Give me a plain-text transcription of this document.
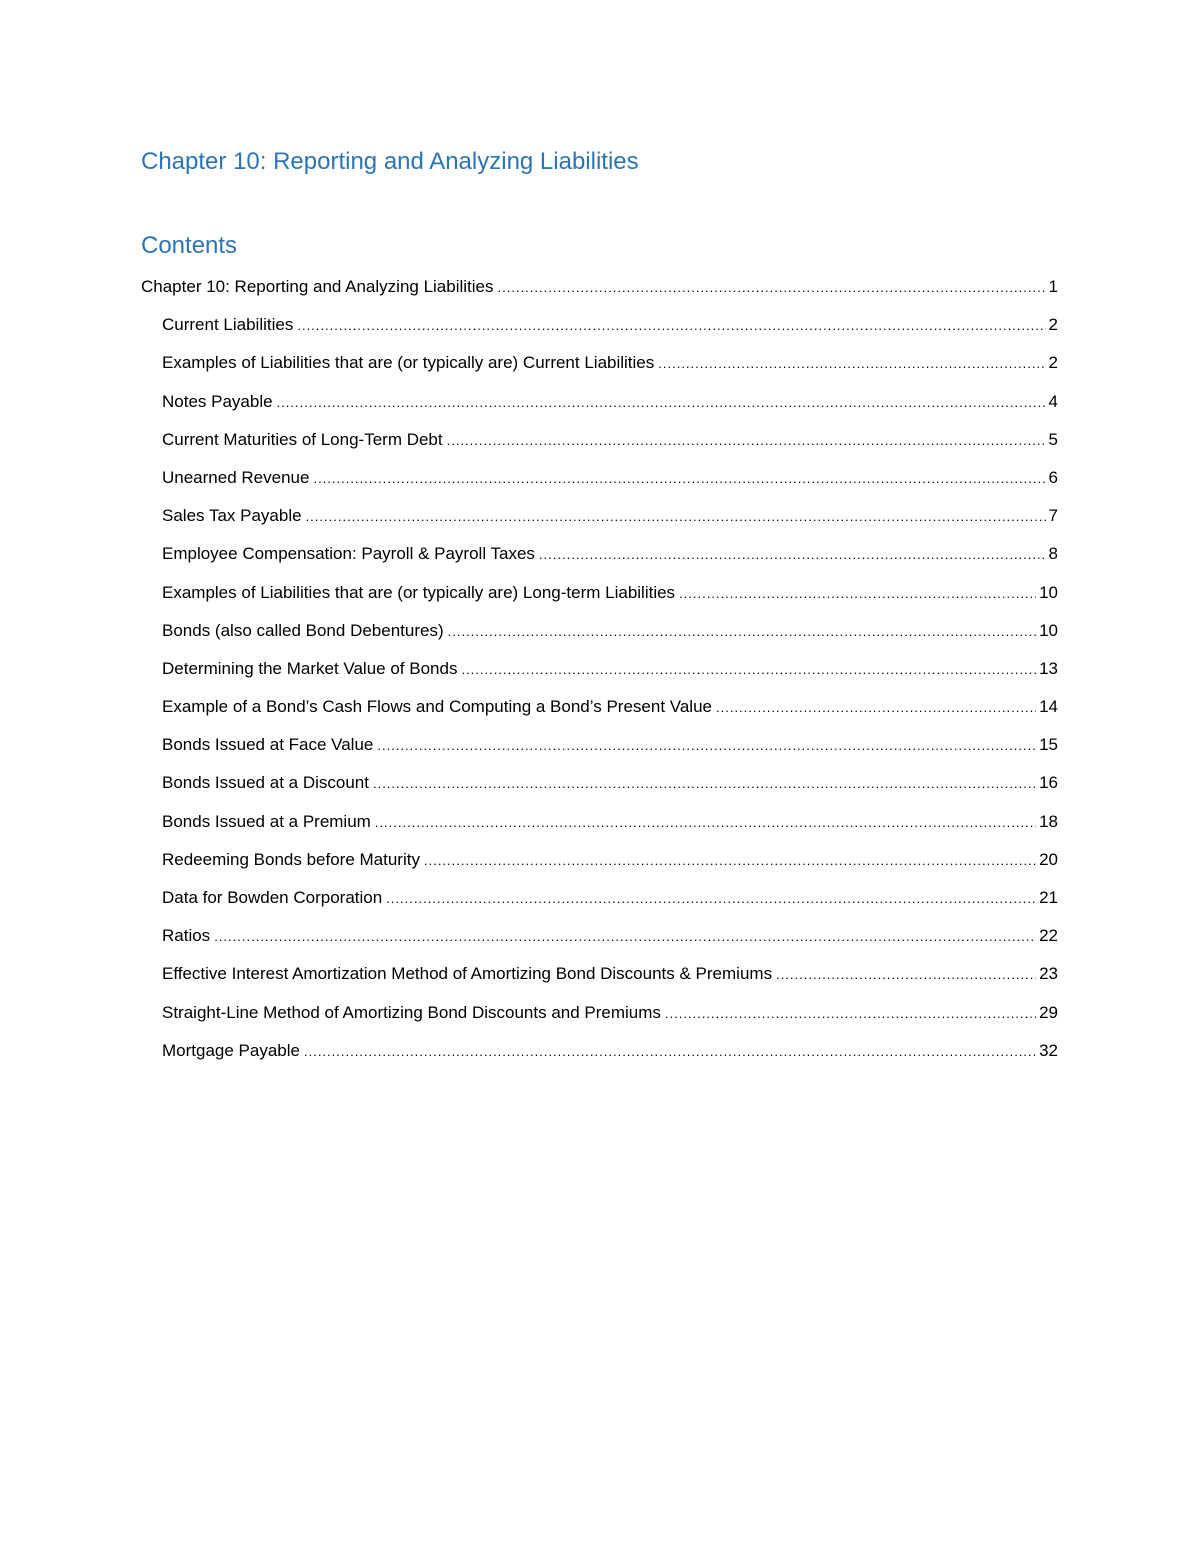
Chapter 10: Reporting and Analyzing Liabilities
Contents
Chapter 10: Reporting and Analyzing Liabilities .....	1
Current Liabilities .....	2
Examples of Liabilities that are (or typically are) Current Liabilities .....	2
Notes Payable .....	4
Current Maturities of Long-Term Debt .....	5
Unearned Revenue .....	6
Sales Tax Payable .....	7
Employee Compensation: Payroll & Payroll Taxes .....	8
Examples of Liabilities that are (or typically are) Long-term Liabilities .....	10
Bonds (also called Bond Debentures) .....	10
Determining the Market Value of Bonds .....	13
Example of a Bond’s Cash Flows and Computing a Bond’s Present Value .....	14
Bonds Issued at Face Value .....	15
Bonds Issued at a Discount .....	16
Bonds Issued at a Premium .....	18
Redeeming Bonds before Maturity .....	20
Data for Bowden Corporation .....	21
Ratios .....	22
Effective Interest Amortization Method of Amortizing Bond Discounts & Premiums .....	23
Straight-Line Method of Amortizing Bond Discounts and Premiums .....	29
Mortgage Payable .....	32
